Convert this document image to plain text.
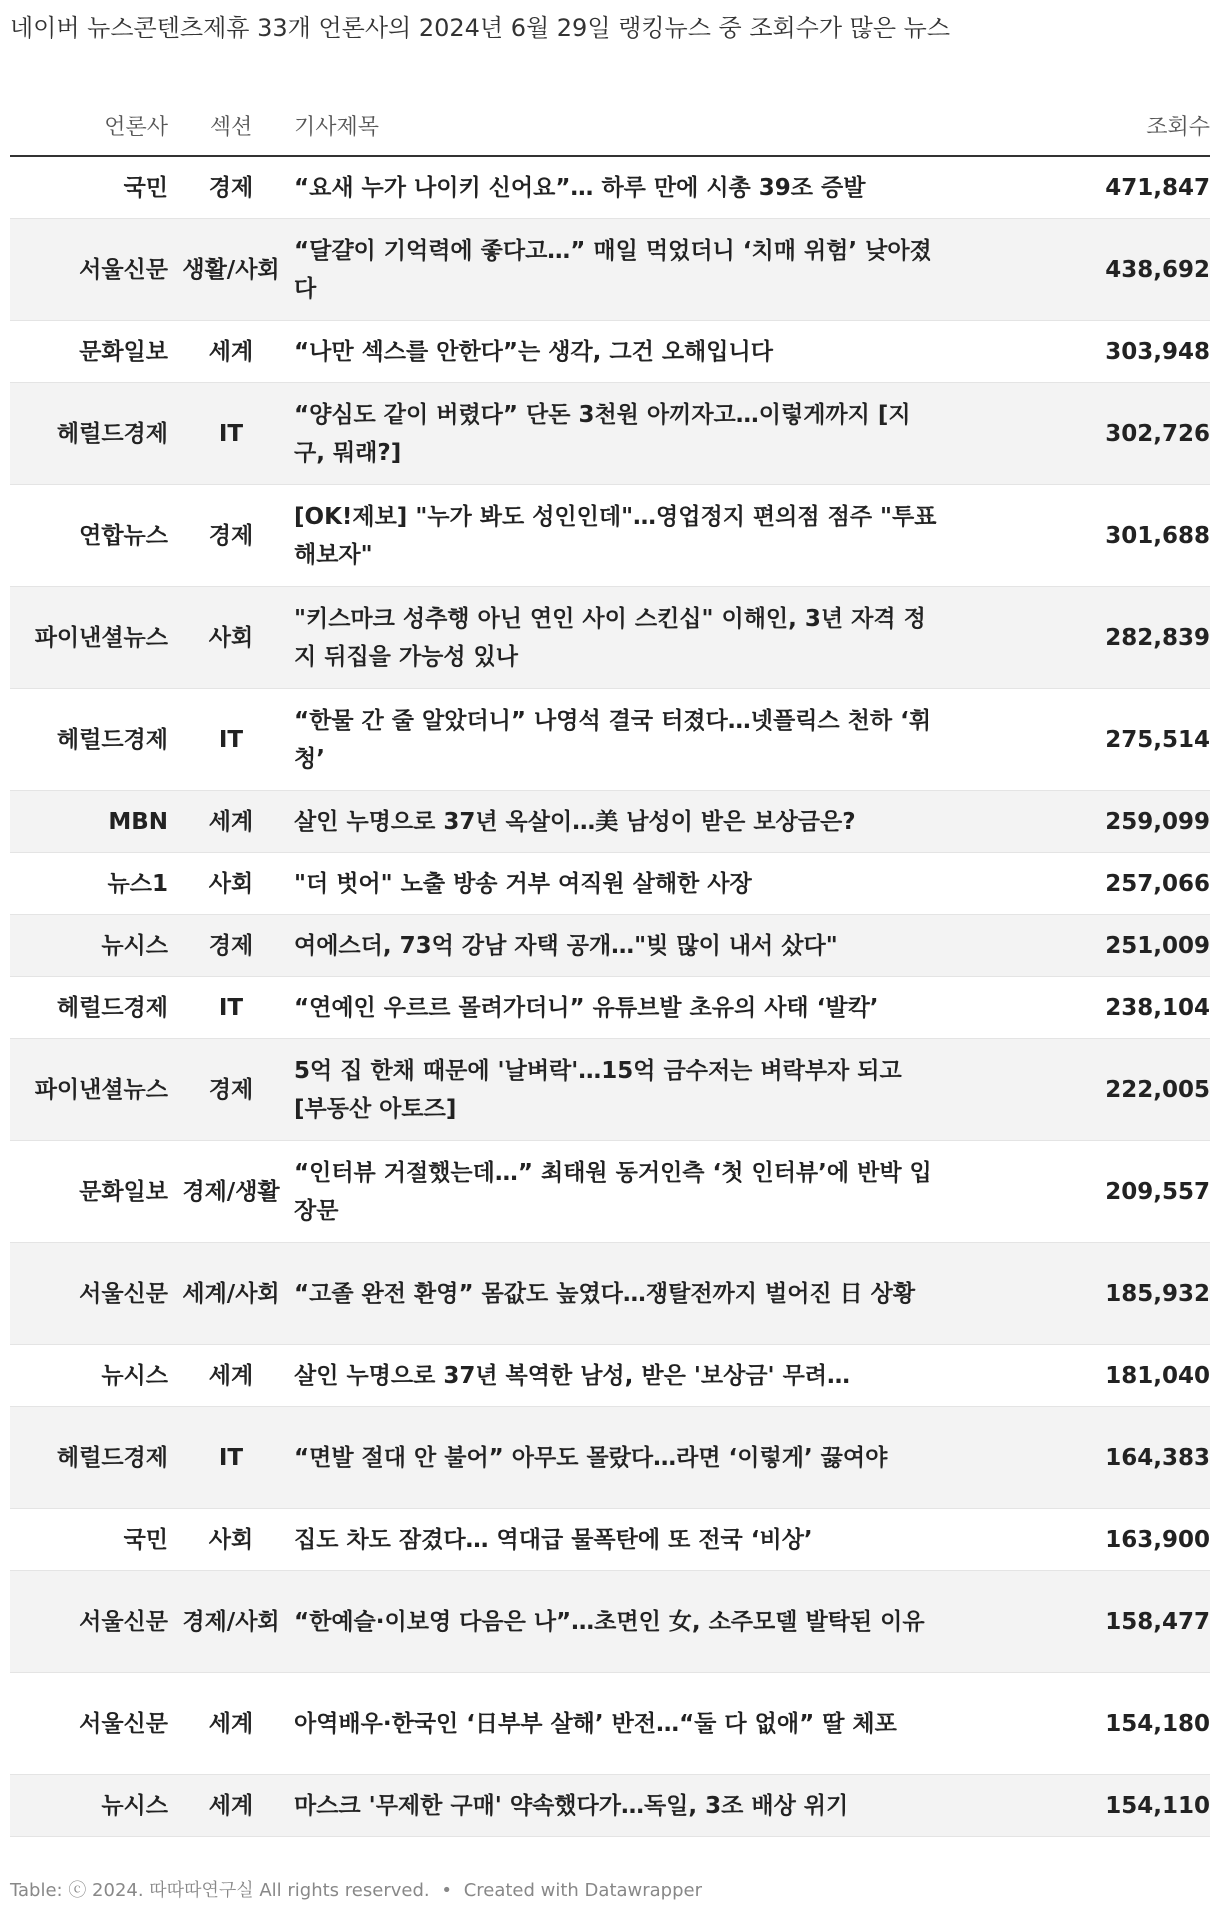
네이버 뉴스콘텐츠제휴 33개 언론사의 2024년 6월 29일 랭킹뉴스 중 조회수가 많은 뉴스
언론사	섹션	기사제목	조회수
국민	경제	“요새 누가 나이키 신어요”… 하루 만에 시총 39조 증발	471,847
서울신문	생활/사회	“달걀이 기억력에 좋다고…” 매일 먹었더니 ‘치매 위험’ 낮아졌다	438,692
문화일보	세계	“나만 섹스를 안한다”는 생각, 그건 오해입니다	303,948
헤럴드경제	IT	“양심도 같이 버렸다” 단돈 3천원 아끼자고…이렇게까지 [지구, 뭐래?]	302,726
연합뉴스	경제	[OK!제보] "누가 봐도 성인인데"…영업정지 편의점 점주 "투표해보자"	301,688
파이낸셜뉴스	사회	"키스마크 성추행 아닌 연인 사이 스킨십" 이해인, 3년 자격 정지 뒤집을 가능성 있나	282,839
헤럴드경제	IT	“한물 간 줄 알았더니” 나영석 결국 터졌다…넷플릭스 천하 ‘휘청’	275,514
MBN	세계	살인 누명으로 37년 옥살이…美 남성이 받은 보상금은?	259,099
뉴스1	사회	"더 벗어" 노출 방송 거부 여직원 살해한 사장	257,066
뉴시스	경제	여에스더, 73억 강남 자택 공개…"빚 많이 내서 샀다"	251,009
헤럴드경제	IT	“연예인 우르르 몰려가더니” 유튜브발 초유의 사태 ‘발칵’	238,104
파이낸셜뉴스	경제	5억 집 한채 때문에 '날벼락'…15억 금수저는 벼락부자 되고 [부동산 아토즈]	222,005
문화일보	경제/생활	“인터뷰 거절했는데…” 최태원 동거인측 ‘첫 인터뷰’에 반박 입장문	209,557
서울신문	세계/사회	“고졸 완전 환영” 몸값도 높였다…쟁탈전까지 벌어진 日 상황	185,932
뉴시스	세계	살인 누명으로 37년 복역한 남성, 받은 '보상금' 무려…	181,040
헤럴드경제	IT	“면발 절대 안 불어” 아무도 몰랐다…라면 ‘이렇게’ 끓여야	164,383
국민	사회	집도 차도 잠겼다… 역대급 물폭탄에 또 전국 ‘비상’	163,900
서울신문	경제/사회	“한예슬·이보영 다음은 나”…초면인 女, 소주모델 발탁된 이유	158,477
서울신문	세계	아역배우·한국인 ‘日부부 살해’ 반전…“둘 다 없애” 딸 체포	154,180
뉴시스	세계	마스크 '무제한 구매' 약속했다가…독일, 3조 배상 위기	154,110
Table: ⓒ 2024. 따따따연구실 All rights reserved. • Created with Datawrapper
